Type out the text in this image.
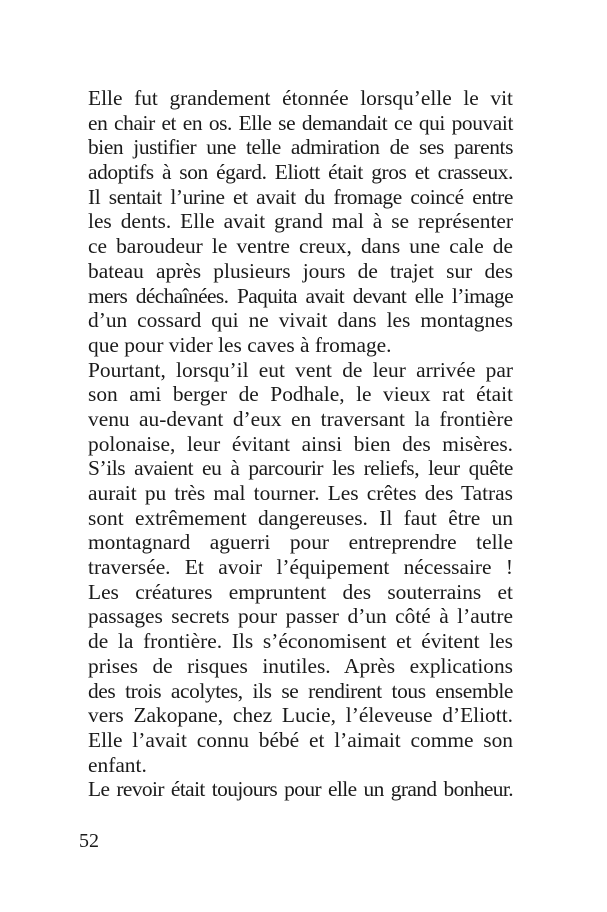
Elle fut grandement étonnée lorsqu’elle le vit
en chair et en os. Elle se demandait ce qui pouvait
bien justifier une telle admiration de ses parents
adoptifs à son égard. Eliott était gros et crasseux.
Il sentait l’urine et avait du fromage coincé entre
les dents. Elle avait grand mal à se représenter
ce baroudeur le ventre creux, dans une cale de
bateau après plusieurs jours de trajet sur des
mers déchaînées. Paquita avait devant elle l’image
d’un cossard qui ne vivait dans les montagnes
que pour vider les caves à fromage.
Pourtant, lorsqu’il eut vent de leur arrivée par
son ami berger de Podhale, le vieux rat était
venu au-devant d’eux en traversant la frontière
polonaise, leur évitant ainsi bien des misères.
S’ils avaient eu à parcourir les reliefs, leur quête
aurait pu très mal tourner. Les crêtes des Tatras
sont extrêmement dangereuses. Il faut être un
montagnard aguerri pour entreprendre telle
traversée. Et avoir l’équipement nécessaire !
Les créatures empruntent des souterrains et
passages secrets pour passer d’un côté à l’autre
de la frontière. Ils s’économisent et évitent les
prises de risques inutiles. Après explications
des trois acolytes, ils se rendirent tous ensemble
vers Zakopane, chez Lucie, l’éleveuse d’Eliott.
Elle l’avait connu bébé et l’aimait comme son
enfant.
Le revoir était toujours pour elle un grand bonheur.
52
